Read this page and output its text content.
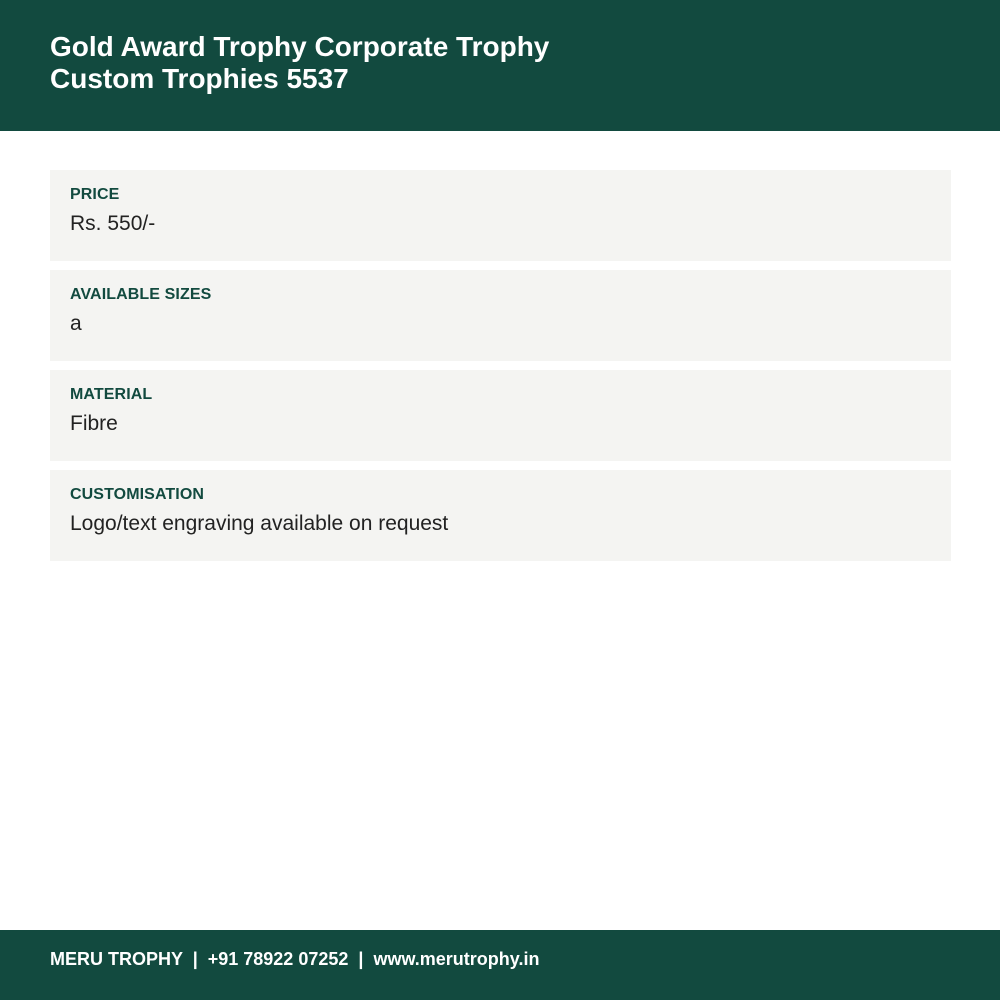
Gold Award Trophy Corporate Trophy
Custom Trophies 5537

PRICE

Rs. 550/-

AVAILABLE SIZES

a

MATERIAL

Fibre

CUSTOMISATION

Logo/text engraving available on request

MERU TROPHY  |  +91 78922 07252  |  www.merutrophy.in
